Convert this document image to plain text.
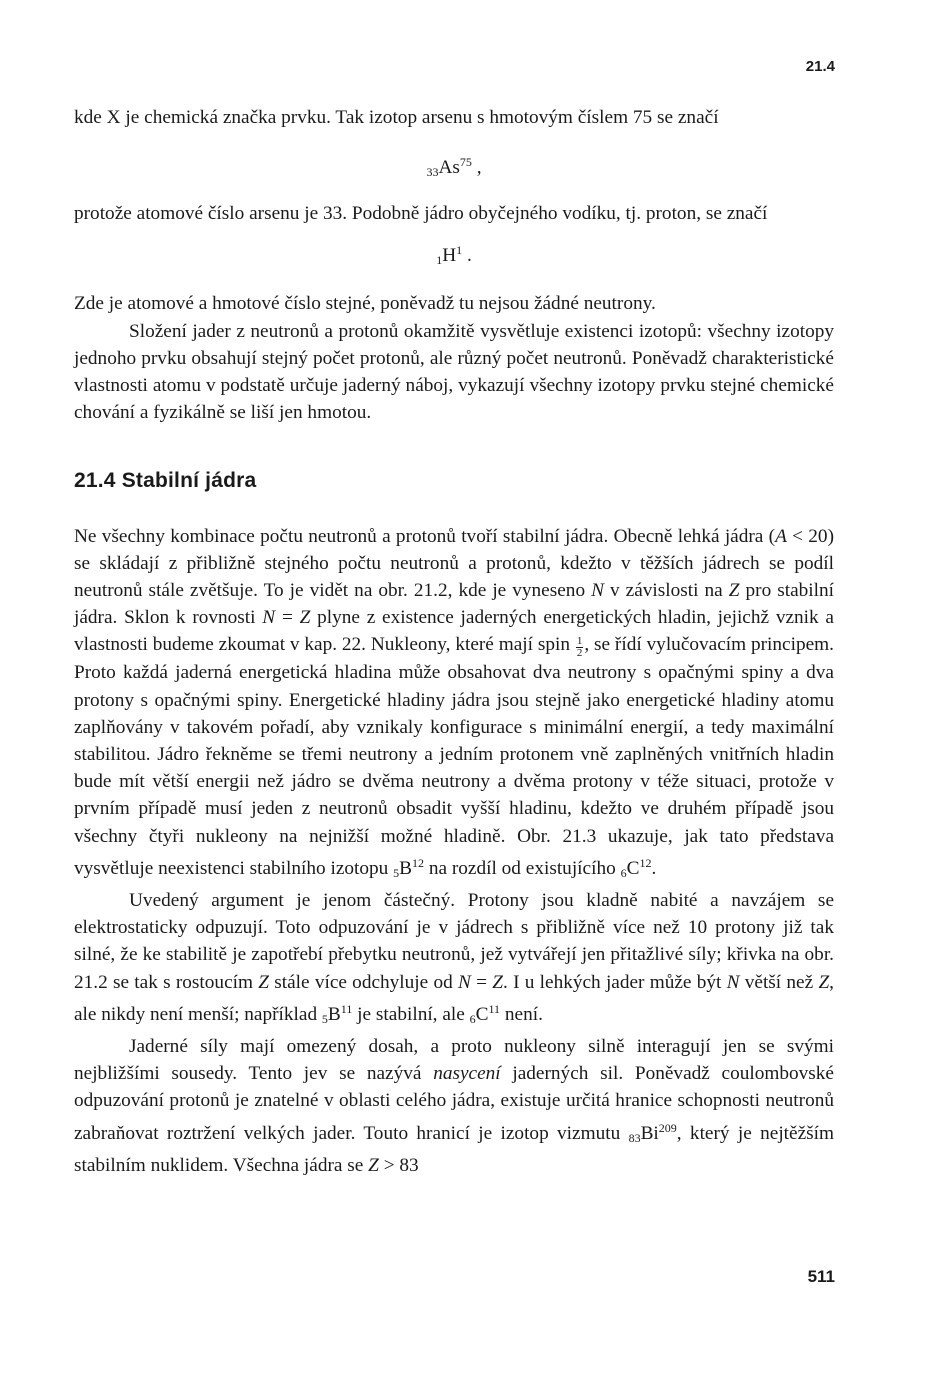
21.4

kde X je chemická značka prvku. Tak izotop arsenu s hmotovým číslem 75 se značí

$_{33}As^{75}$ ,

protože atomové číslo arsenu je 33. Podobně jádro obyčejného vodíku, tj. proton, se značí

$_1H^1$ .

Zde je atomové a hmotové číslo stejné, poněvadž tu nejsou žádné neutrony.

Složení jader z neutronů a protonů okamžitě vysvětluje existenci izotopů: všechny izotopy jednoho prvku obsahují stejný počet protonů, ale různý počet neutronů. Poněvadž charakteristické vlastnosti atomu v podstatě určuje jaderný náboj, vykazují všechny izotopy prvku stejné chemické chování a fyzikálně se liší jen hmotou.

21.4 Stabilní jádra

Ne všechny kombinace počtu neutronů a protonů tvoří stabilní jádra. Obecně lehká jádra (A < 20) se skládají z přibližně stejného počtu neutronů a protonů, kdežto v těžších jádrech se podíl neutronů stále zvětšuje. To je vidět na obr. 21.2, kde je vyneseno N v závislosti na Z pro stabilní jádra. Sklon k rovnosti N = Z plyne z existence jaderných energetických hladin, jejichž vznik a vlastnosti budeme zkoumat v kap. 22. Nukleony, které mají spin $\frac{1}{2}$ , se řídí vylučovacím principem. Proto každá jaderná energetická hladina může obsahovat dva neutrony s opačnými spiny a dva protony s opačnými spiny. Energetické hladiny jádra jsou stejně jako energetické hladiny atomu zaplňovány v takovém pořadí, aby vznikaly konfigurace s minimální energií, a tedy maximální stabilitou. Jádro řekněme se třemi neutrony a jedním protonem vně zaplněných vnitřních hladin bude mít větší energii než jádro se dvěma neutrony a dvěma protony v téže situaci, protože v prvním případě musí jeden z neutronů obsadit vyšší hladinu, kdežto ve druhém případě jsou všechny čtyři nukleony na nejnižší možné hladině. Obr. 21.3 ukazuje, jak tato představa vysvětluje neexistenci stabilního izotopu $_5B^{12}$ na rozdíl od existujícího $_6C^{12}$.

Uvedený argument je jenom částečný. Protony jsou kladně nabité a navzájem se elektrostaticky odpuzují. Toto odpuzování je v jádrech s přibližně více než 10 protony již tak silné, že ke stabilitě je zapotřebí přebytku neutronů, jež vytvářejí jen přitažlivé síly; křivka na obr. 21.2 se tak s rostoucím Z stále více odchyluje od N = Z. I u lehkých jader může být N větší než Z, ale nikdy není menší; například $_5B^{11}$ je stabilní, ale $_6C^{11}$ není.

Jaderné síly mají omezený dosah, a proto nukleony silně interagují jen se svými nejbližšími sousedy. Tento jev se nazývá nasycení jaderných sil. Poněvadž coulombovské odpuzování protonů je znatelné v oblasti celého jádra, existuje určitá hranice schopnosti neutronů zabraňovat roztržení velkých jader. Touto hranicí je izotop vizmutu $_{83}Bi^{209}$, který je nejtěžším stabilním nuklidem. Všechna jádra se Z > 83

511
